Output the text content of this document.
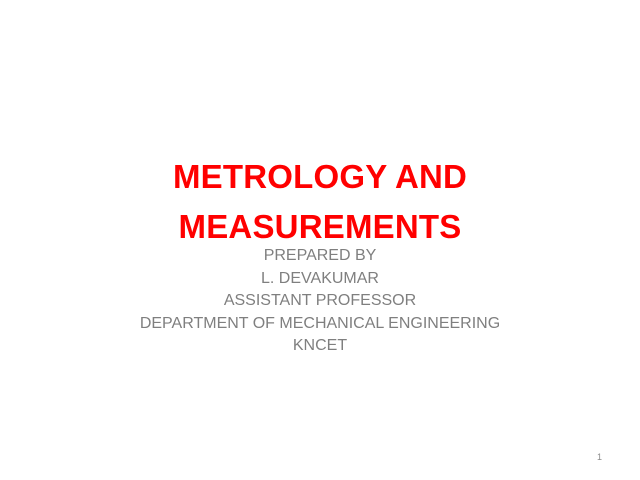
METROLOGY AND
MEASUREMENTS
PREPARED BY
L. DEVAKUMAR
ASSISTANT PROFESSOR
DEPARTMENT OF MECHANICAL ENGINEERING
KNCET
1
